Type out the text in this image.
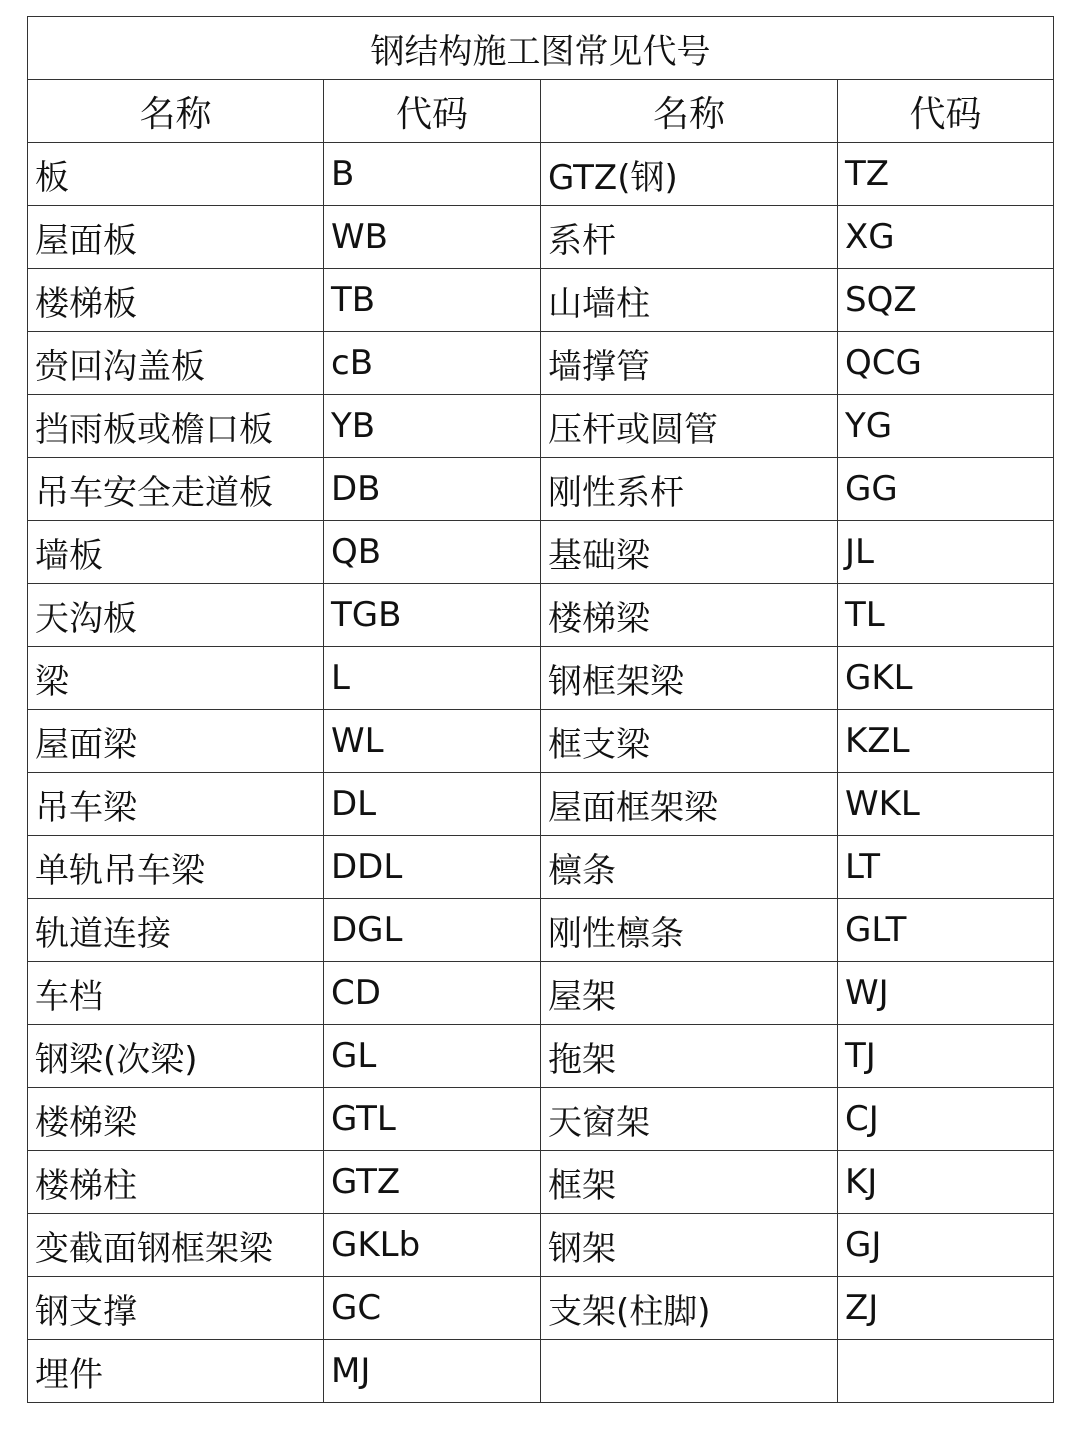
钢结构施工图常见代号			
名称	代码	名称	代码
板	B	GTZ(钢)	TZ
屋面板	WB	系杆	XG
楼梯板	TB	山墙柱	SQZ
赍回沟盖板	cB	墙撑管	QCG
挡雨板或檐口板	YB	压杆或圆管	YG
吊车安全走道板	DB	刚性系杆	GG
墙板	QB	基础梁	JL
天沟板	TGB	楼梯梁	TL
梁	L	钢框架梁	GKL
屋面梁	WL	框支梁	KZL
吊车梁	DL	屋面框架梁	WKL
单轨吊车梁	DDL	檩条	LT
轨道连接	DGL	刚性檩条	GLT
车档	CD	屋架	WJ
钢梁(次梁)	GL	拖架	TJ
楼梯梁	GTL	天窗架	CJ
楼梯柱	GTZ	框架	KJ
变截面钢框架梁	GKLb	钢架	GJ
钢支撑	GC	支架(柱脚)	ZJ
埋件	MJ		
